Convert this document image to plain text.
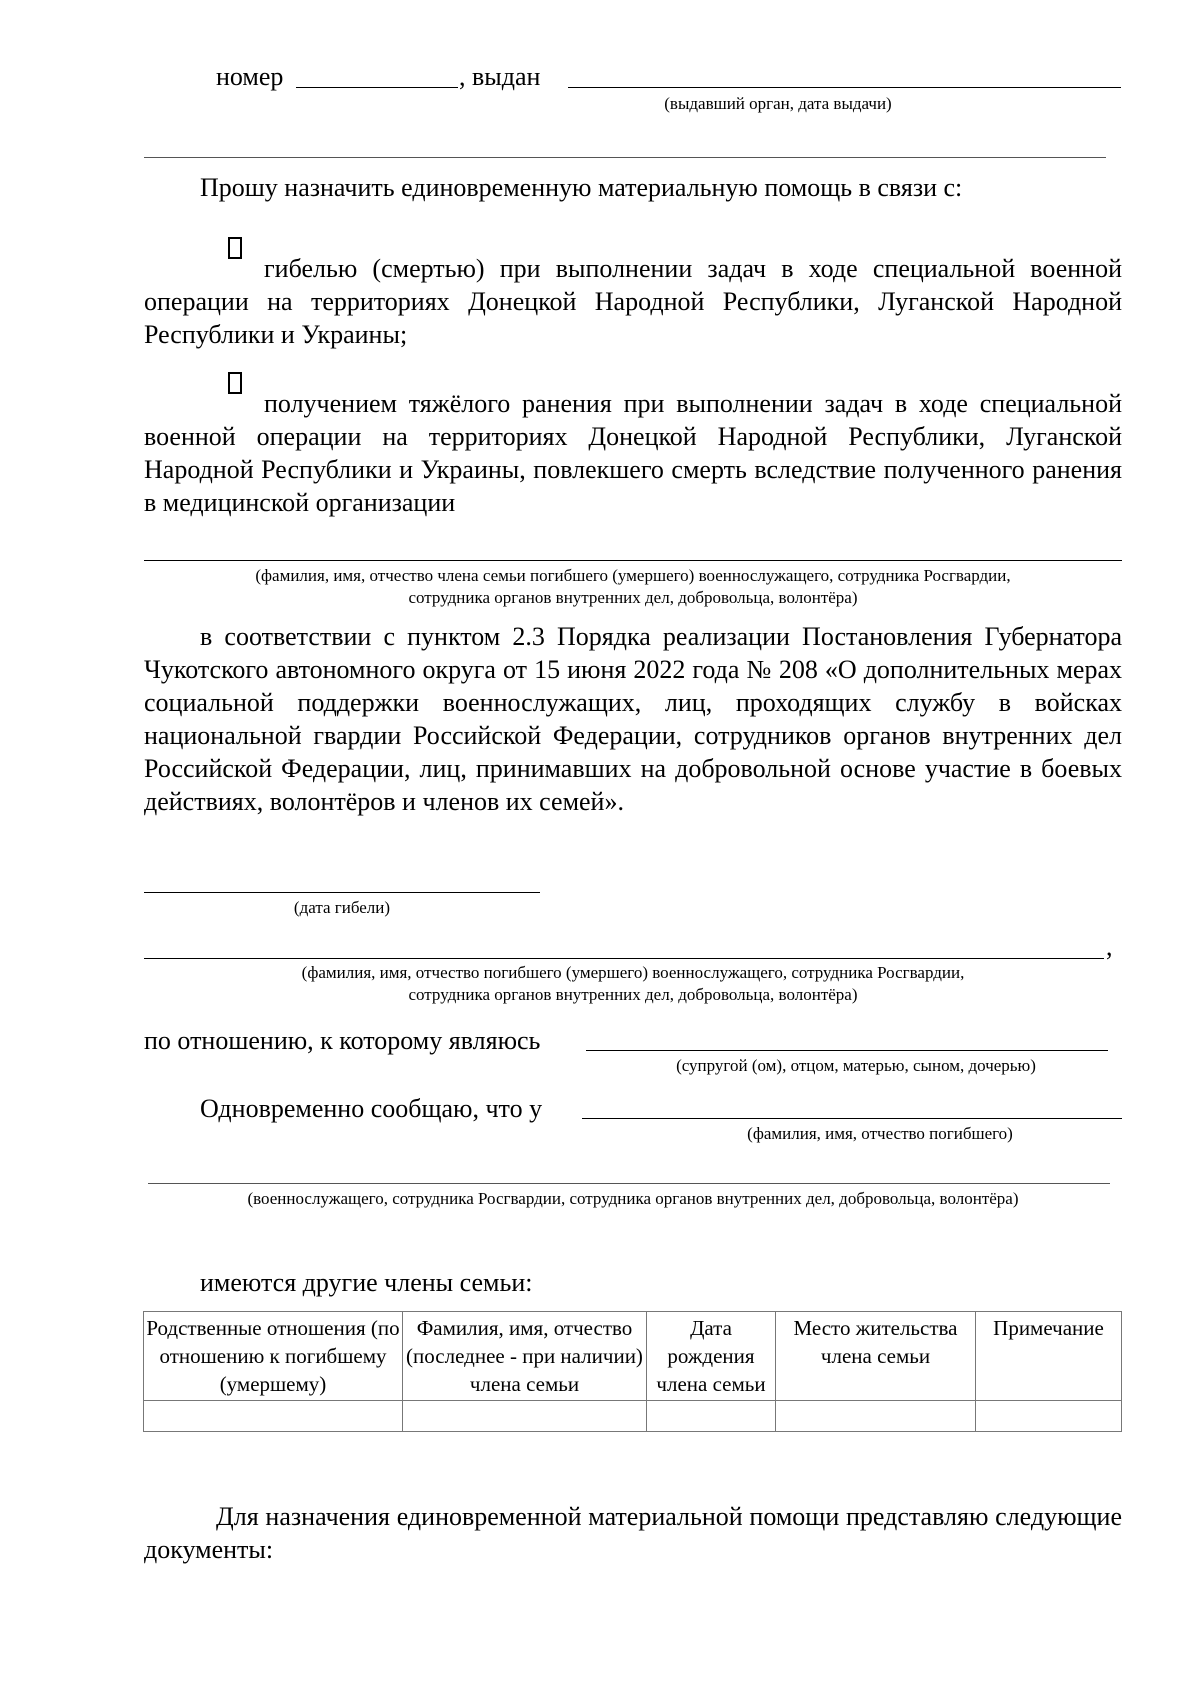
номер	, выдан
(выдавший орган, дата выдачи)
Прошу назначить единовременную материальную помощь в связи с:
гибелью (смертью) при выполнении задач в ходе специальной военной операции на территориях Донецкой Народной Республики, Луганской Народной Республики и Украины;
получением тяжёлого ранения при выполнении задач в ходе специальной военной операции на территориях Донецкой Народной Республики, Луганской Народной Республики и Украины, повлекшего смерть вследствие полученного ранения в медицинской организации
(фамилия, имя, отчество члена семьи погибшего (умершего) военнослужащего, сотрудника Росгвардии,
сотрудника органов внутренних дел, добровольца, волонтёра)
в соответствии с пунктом 2.3 Порядка реализации Постановления Губернатора Чукотского автономного округа от 15 июня 2022 года № 208 «О дополнительных мерах социальной поддержки военнослужащих, лиц, проходящих службу в войсках национальной гвардии Российской Федерации, сотрудников органов внутренних дел Российской Федерации, лиц, принимавших на добровольной основе участие в боевых действиях, волонтёров и членов их семей».
(дата гибели)
,
(фамилия, имя, отчество погибшего (умершего) военнослужащего, сотрудника Росгвардии,
сотрудника органов внутренних дел, добровольца, волонтёра)
по отношению, к которому являюсь
(супругой (ом), отцом, матерью, сыном, дочерью)
Одновременно сообщаю, что у
(фамилия, имя, отчество погибшего)
(военнослужащего, сотрудника Росгвардии, сотрудника органов внутренних дел, добровольца, волонтёра)
имеются другие члены семьи:
Родственные отношения (по отношению к погибшему (умершему)	Фамилия, имя, отчество (последнее - при наличии) члена семьи	Дата рождения члена семьи	Место жительства члена семьи	Примечание

Для назначения единовременной материальной помощи представляю следующие документы:
